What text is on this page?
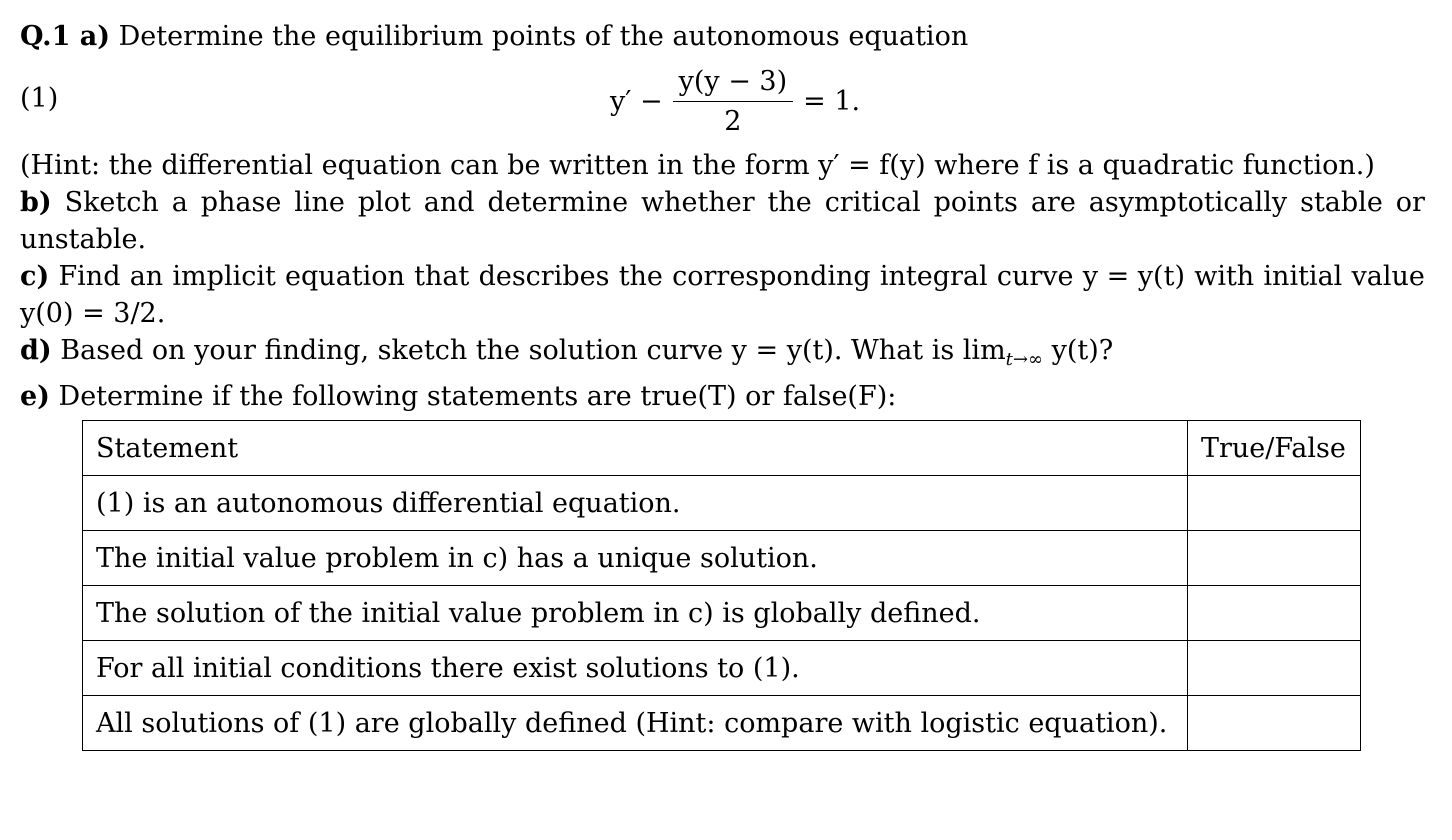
Q.1 a) Determine the equilibrium points of the autonomous equation
(1)	$y' - \frac{y(y - 3)}{2} = 1$.
(Hint: the differential equation can be written in the form y′ = f(y) where f is a quadratic function.)
b) Sketch a phase line plot and determine whether the critical points are asymptotically stable or
unstable.
c) Find an implicit equation that describes the corresponding integral curve y = y(t) with initial value
y(0) = 3/2.
d) Based on your finding, sketch the solution curve y = y(t). What is $\lim_{t\to\infty} y(t)$?
e) Determine if the following statements are true(T) or false(F):
Statement	True/False
(1) is an autonomous differential equation.	
The initial value problem in c) has a unique solution.	
The solution of the initial value problem in c) is globally defined.	
For all initial conditions there exist solutions to (1).	
All solutions of (1) are globally defined (Hint: compare with logistic equation).	
